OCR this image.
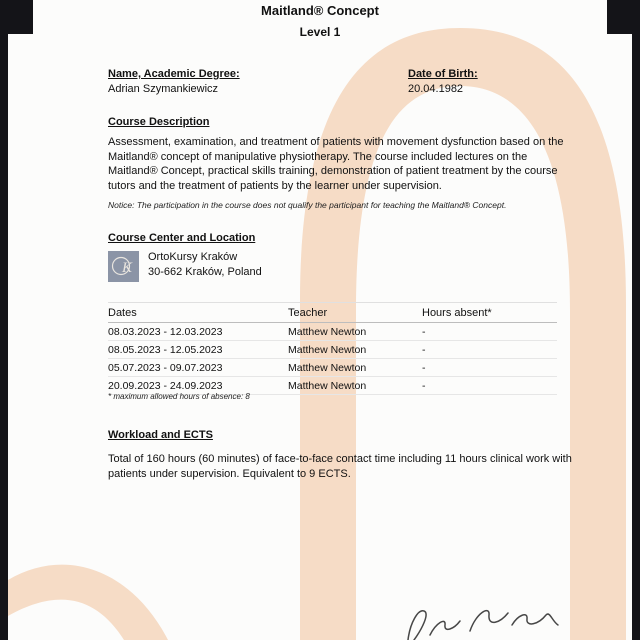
Maitland® Concept
Level 1
Name, Academic Degree:
Adrian Szymankiewicz
Date of Birth:
20.04.1982
Course Description
Assessment, examination, and treatment of patients with movement dysfunction based on the Maitland® concept of manipulative physiotherapy. The course included lectures on the Maitland® Concept, practical skills training, demonstration of patient treatment by the course tutors and the treatment of patients by the learner under supervision.
Notice: The participation in the course does not qualify the participant for teaching the Maitland® Concept.
Course Center and Location
K
OrtoKursy Kraków
30-662 Kraków, Poland
Dates	Teacher	Hours absent*
08.03.2023 - 12.03.2023	Matthew Newton	-
08.05.2023 - 12.05.2023	Matthew Newton	-
05.07.2023 - 09.07.2023	Matthew Newton	-
20.09.2023 - 24.09.2023	Matthew Newton	-
* maximum allowed hours of absence: 8
Workload and ECTS
Total of 160 hours (60 minutes) of face-to-face contact time including 11 hours clinical work with patients under supervision. Equivalent to 9 ECTS.
